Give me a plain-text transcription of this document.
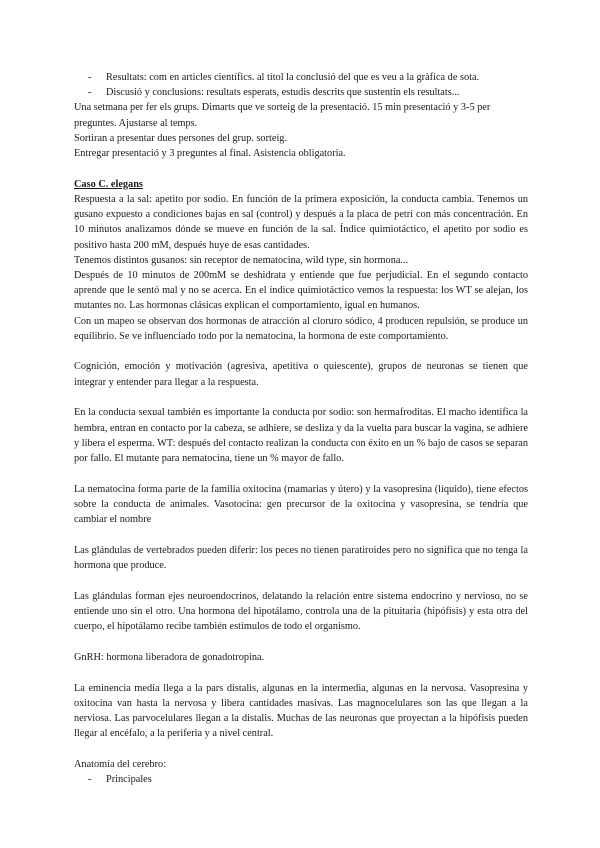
- Resultats: com en articles científics. al títol la conclusió del que es veu a la gràfica de sota.

- Discusió y conclusions: resultats esperats, estudis descrits que sustentin els resultats...

Una setmana per fer els grups. Dimarts que ve sorteig de la presentació. 15 min presentació y 3-5 per preguntes. Ajustarse al temps.

Sortiran a presentar dues persones del grup. sorteig.

Entregar presentació y 3 preguntes al final. Asistencia obligatoria.

Caso C. elegans

Respuesta a la sal: apetito por sodio. En función de la primera exposición, la conducta cambia. Tenemos un gusano expuesto a condiciones bajas en sal (control) y después a la placa de petri con más concentración. En 10 minutos analizamos dónde se mueve en función de la sal. Índice quimiotáctico, el apetito por sodio es positivo hasta 200 mM, después huye de esas cantidades.

Tenemos distintos gusanos: sin receptor de nematocina, wild type, sin hormona...

Después de 10 minutos de 200mM se deshidrata y entiende que fue perjudicial. En el segundo contacto aprende que le sentó mal y no se acerca. En el índice quimiotáctico vemos la respuesta: los WT se alejan, los mutantes no. Las hormonas clásicas explican el comportamiento, igual en humanos.

Con un mapeo se observan dos hormonas de atracción al cloruro sódico, 4 producen repulsión, se produce un equilibrio. Se ve influenciado todo por la nematocina, la hormona de este comportamiento.

Cognición, emoción y motivación (agresiva, apetitiva o quiescente), grupos de neuronas se tienen que integrar y entender para llegar a la respuesta.

En la conducta sexual también es importante la conducta por sodio: son hermafroditas. El macho identifica la hembra, entran en contacto por la cabeza, se adhiere, se desliza y da la vuelta para buscar la vagina, se adhiere y libera el esperma. WT: después del contacto realizan la conducta con éxito en un % bajo de casos se separan por fallo. El mutante para nematocina, tiene un % mayor de fallo.

La nematocina forma parte de la familia oxitocina (mamarias y útero) y la vasopresina (líquido), tiene efectos sobre la conducta de animales. Vasotocina: gen precursor de la oxitocina y vasopresina, se tendría que cambiar el nombre

Las glándulas de vertebrados pueden diferir: los peces no tienen paratiroides pero no significa que no tenga la hormona que produce.

Las glándulas forman ejes neuroendocrinos, delatando la relación entre sistema endocrino y nervioso, no se entiende uno sin el otro. Una hormona del hipotálamo, controla una de la pituitaria (hipófisis) y esta otra del cuerpo, el hipotálamo recibe también estímulos de todo el organismo.

GnRH: hormona liberadora de gonadotropina.

La eminencia media llega a la pars distalis, algunas en la intermedia, algunas en la nervosa. Vasopresina y oxitocina van hasta la nervosa y libera cantidades masivas. Las magnocelulares son las que llegan a la nerviosa. Las parvocelulares llegan a la distalis. Muchas de las neuronas que proyectan a la hipófisis pueden llegar al encéfalo, a la periferia y a nivel central.

Anatomía del cerebro:

- Principales
